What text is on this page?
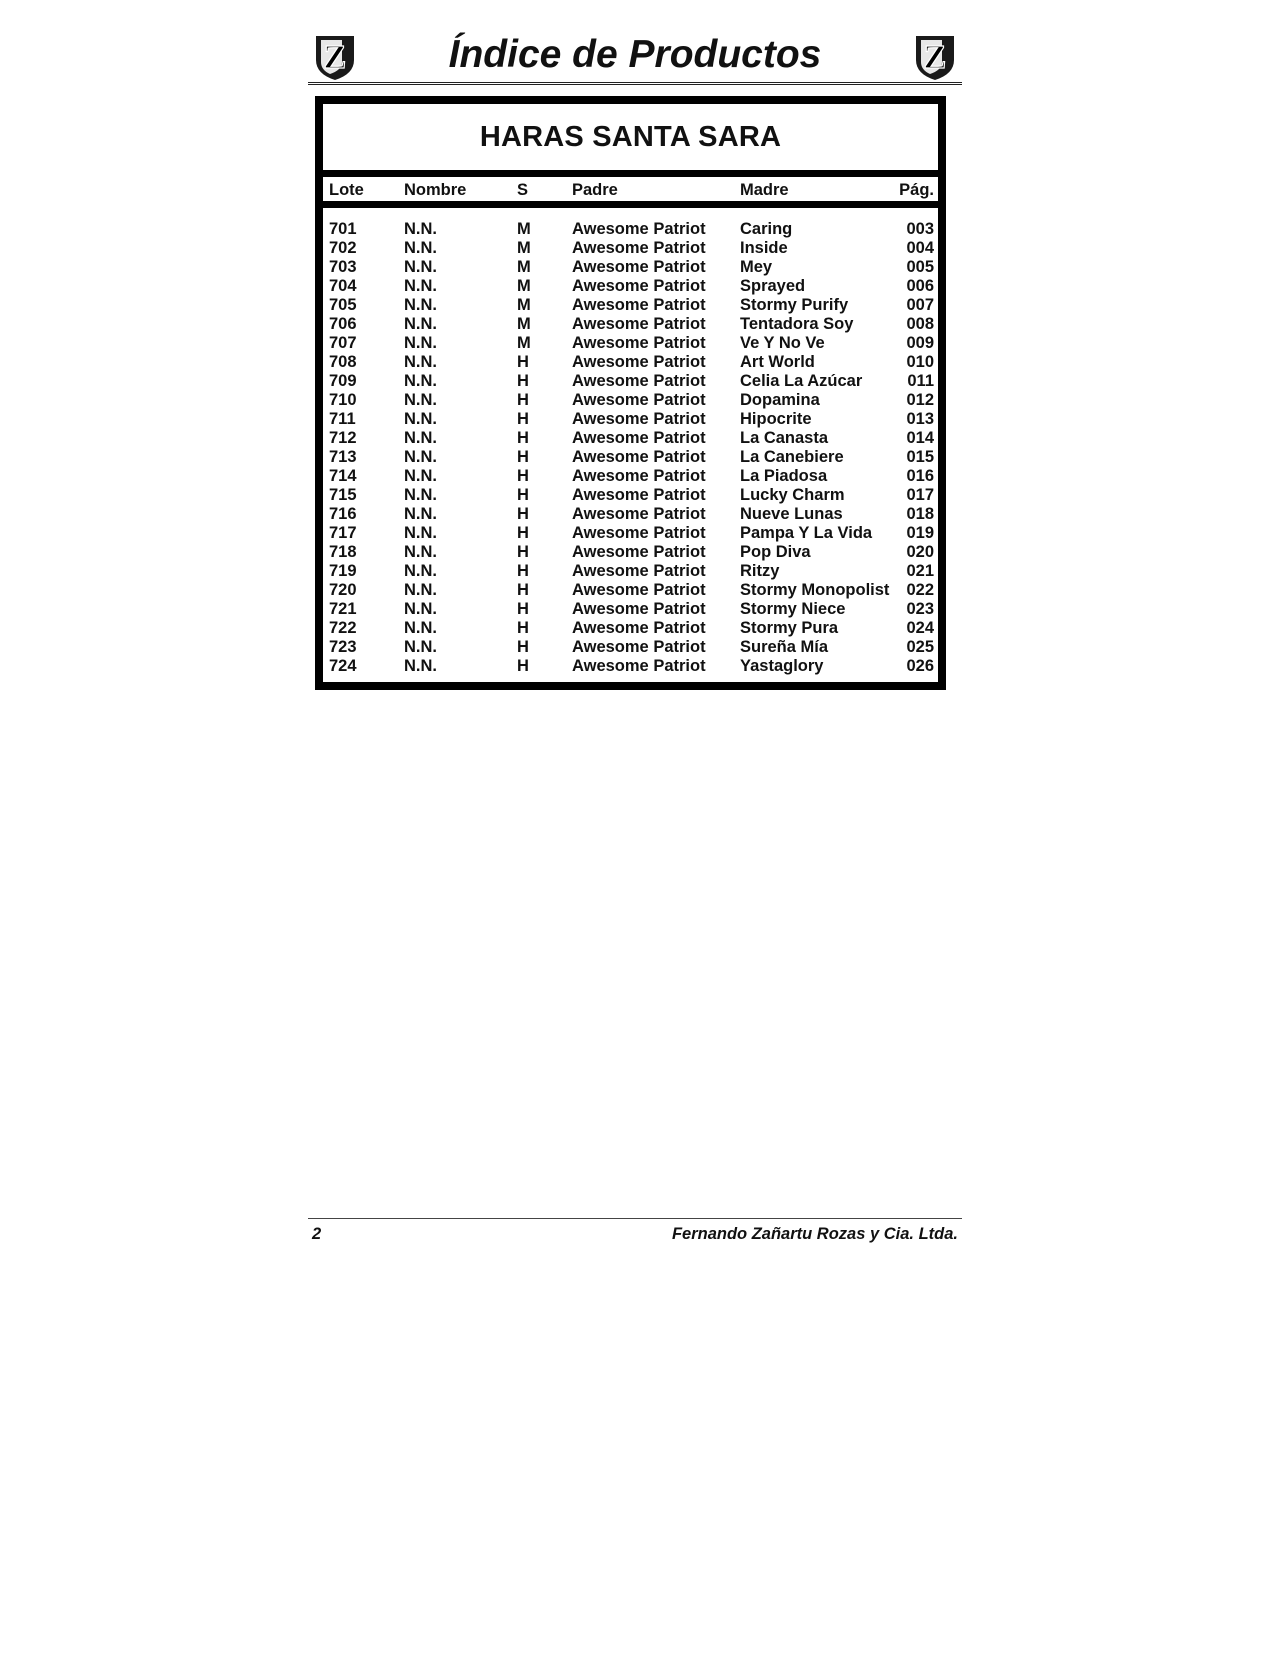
Z	Índice de Productos	Z
HARAS SANTA SARA
Lote Nombre	S	Padre	Madre	Pág.
701	N.N.	M	Awesome Patriot Caring	003
702	N.N.	M	Awesome Patriot Inside	004
703	N.N.	M	Awesome Patriot Mey	005
704	N.N.	M	Awesome Patriot Sprayed	006
705	N.N.	M	Awesome Patriot Stormy Purify	007
706	N.N.	M	Awesome Patriot Tentadora Soy	008
707	N.N.	M	Awesome Patriot Ve Y No Ve	009
708	N.N.	H	Awesome Patriot Art World	010
709	N.N.	H	Awesome Patriot Celia La Azúcar	011
710	N.N.	H	Awesome Patriot Dopamina	012
711	N.N.	H	Awesome Patriot Hipocrite	013
712	N.N.	H	Awesome Patriot La Canasta	014
713	N.N.	H	Awesome Patriot La Canebiere	015
714	N.N.	H	Awesome Patriot La Piadosa	016
715	N.N.	H	Awesome Patriot Lucky Charm	017
716	N.N.	H	Awesome Patriot Nueve Lunas	018
717	N.N.	H	Awesome Patriot Pampa Y La Vida 019
718	N.N.	H	Awesome Patriot Pop Diva	020
719	N.N.	H	Awesome Patriot Ritzy	021
720	N.N.	H	Awesome Patriot Stormy Monopolist 022
721	N.N.	H	Awesome Patriot Stormy Niece	023
722	N.N.	H	Awesome Patriot Stormy Pura	024
723	N.N.	H	Awesome Patriot Sureña Mía	025
724	N.N.	H	Awesome Patriot Yastaglory	026
2	Fernando Zañartu Rozas y Cia. Ltda.
